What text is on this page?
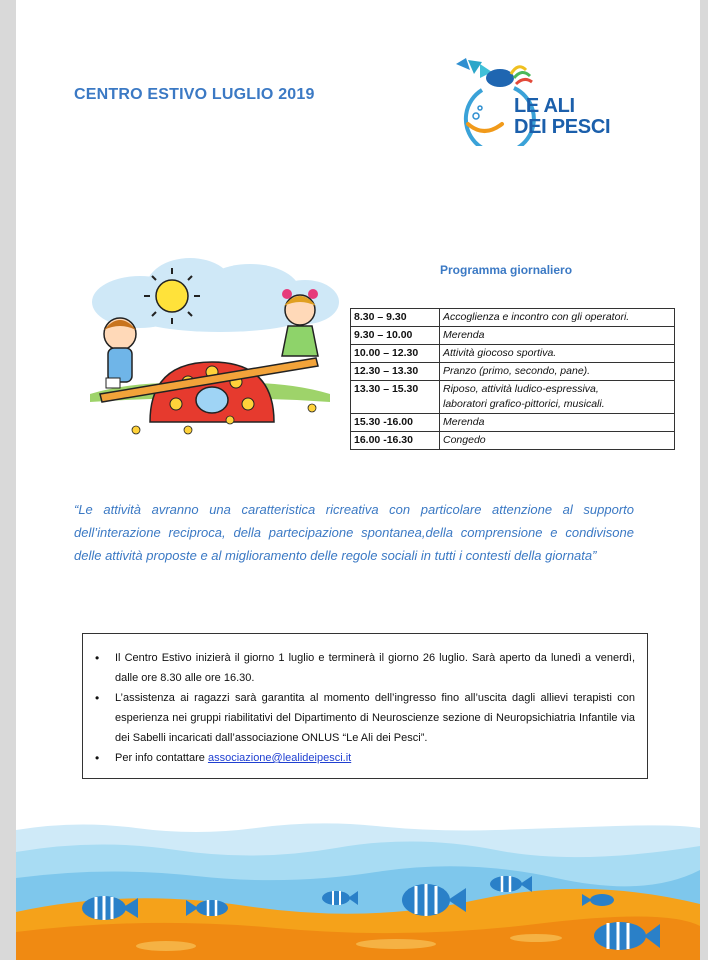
CENTRO ESTIVO LUGLIO 2019
LE ALI
DEI PESCI
Programma giornaliero
8.30 – 9.30	Accoglienza e incontro con gli operatori.
9.30 – 10.00	Merenda
10.00 – 12.30	Attività giocoso sportiva.
12.30 – 13.30	Pranzo (primo, secondo, pane).
13.30 – 15.30	Riposo, attività ludico-espressiva,
laboratori grafico-pittorici, musicali.

15.30 -16.00	Merenda
16.00 -16.30	Congedo
“Le attività avranno una caratteristica ricreativa con particolare attenzione al supporto dell’interazione reciproca, della partecipazione spontanea,della comprensione e condivisone delle attività proposte e al miglioramento delle regole sociali in tutti i contesti della giornata”
• Il Centro Estivo inizierà il giorno 1 luglio e terminerà il giorno 26 luglio. Sarà aperto da lunedì a venerdì, dalle ore 8.30 alle ore 16.30.
• L’assistenza ai ragazzi sarà garantita al momento dell’ingresso fino all’uscita dagli allievi terapisti con esperienza nei gruppi riabilitativi del Dipartimento di Neuroscienze sezione di Neuropsichiatria Infantile via dei Sabelli incaricati dall’associazione ONLUS “Le Ali dei Pesci”.
• Per info contattare associazione@lealideipesci.it
